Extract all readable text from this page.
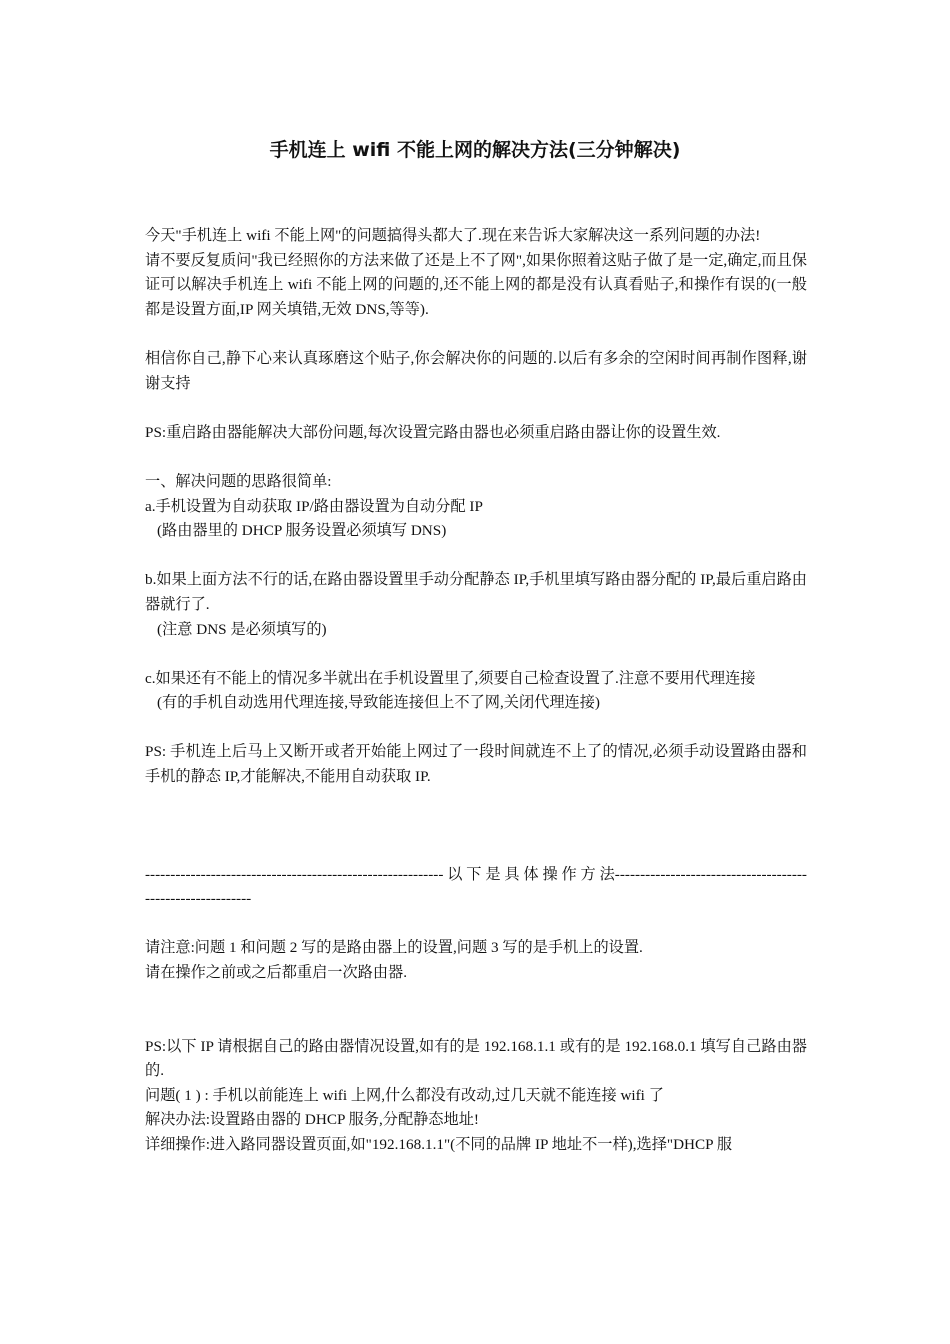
手机连上 wifi 不能上网的解决方法(三分钟解决)

今天"手机连上 wifi 不能上网"的问题搞得头都大了.现在来告诉大家解决这一系列问题的办法!

请不要反复质问"我已经照你的方法来做了还是上不了网",如果你照着这贴子做了是一定,确定,而且保证可以解决手机连上 wifi 不能上网的问题的,还不能上网的都是没有认真看贴子,和操作有误的(一般都是设置方面,IP 网关填错,无效 DNS,等等).

相信你自己,静下心来认真琢磨这个贴子,你会解决你的问题的.以后有多余的空闲时间再制作图释,谢谢支持

PS:重启路由器能解决大部份问题,每次设置完路由器也必须重启路由器让你的设置生效.

一、解决问题的思路很简单:

a.手机设置为自动获取 IP/路由器设置为自动分配 IP

(路由器里的 DHCP 服务设置必须填写 DNS)

b.如果上面方法不行的话,在路由器设置里手动分配静态 IP,手机里填写路由器分配的 IP,最后重启路由器就行了.

(注意 DNS 是必须填写的)

c.如果还有不能上的情况多半就出在手机设置里了,须要自己检查设置了.注意不要用代理连接

(有的手机自动选用代理连接,导致能连接但上不了网,关闭代理连接)

PS: 手机连上后马上又断开或者开始能上网过了一段时间就连不上了的情况,必须手动设置路由器和手机的静态 IP,才能解决,不能用自动获取 IP.

----------------------------------------------------------- 以 下 是 具 体 操 作 方 法-----------------------------------------------------------

请注意:问题 1 和问题 2 写的是路由器上的设置,问题 3 写的是手机上的设置.

请在操作之前或之后都重启一次路由器.

PS:以下 IP 请根据自己的路由器情况设置,如有的是 192.168.1.1 或有的是 192.168.0.1 填写自己路由器的.

问题( 1 ) : 手机以前能连上 wifi 上网,什么都没有改动,过几天就不能连接 wifi 了

解决办法:设置路由器的 DHCP 服务,分配静态地址!

详细操作:进入路同器设置页面,如"192.168.1.1"(不同的品牌 IP 地址不一样),选择"DHCP 服
